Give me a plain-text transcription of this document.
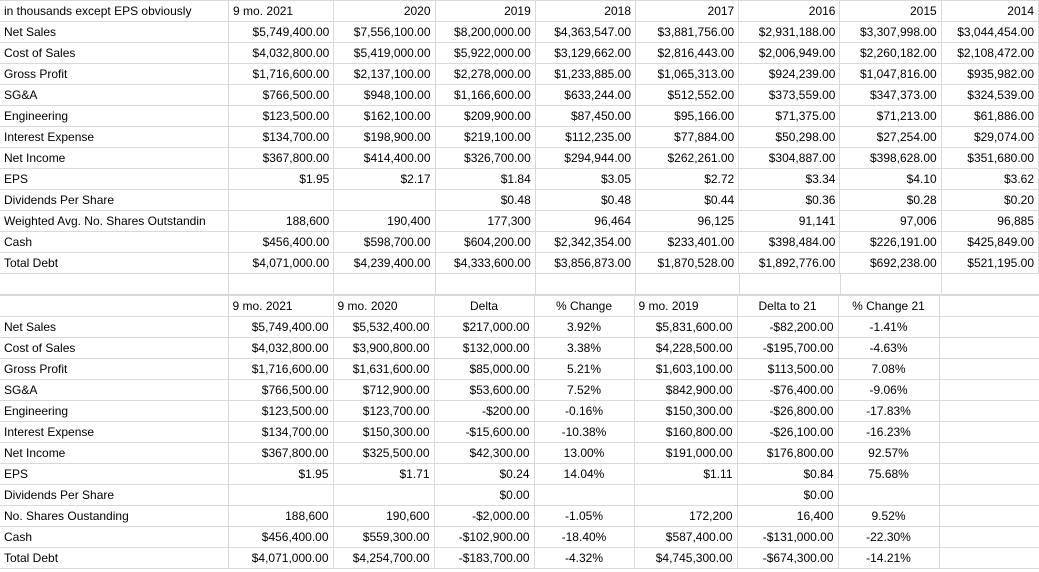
in thousands except EPS obviously	9 mo. 2021	2020	2019	2018	2017	2016	2015	2014
Net Sales	$5,749,400.00	$7,556,100.00	$8,200,000.00	$4,363,547.00	$3,881,756.00	$2,931,188.00	$3,307,998.00	$3,044,454.00
Cost of Sales	$4,032,800.00	$5,419,000.00	$5,922,000.00	$3,129,662.00	$2,816,443.00	$2,006,949.00	$2,260,182.00	$2,108,472.00
Gross Profit	$1,716,600.00	$2,137,100.00	$2,278,000.00	$1,233,885.00	$1,065,313.00	$924,239.00	$1,047,816.00	$935,982.00
SG&A	$766,500.00	$948,100.00	$1,166,600.00	$633,244.00	$512,552.00	$373,559.00	$347,373.00	$324,539.00
Engineering	$123,500.00	$162,100.00	$209,900.00	$87,450.00	$95,166.00	$71,375.00	$71,213.00	$61,886.00
Interest Expense	$134,700.00	$198,900.00	$219,100.00	$112,235.00	$77,884.00	$50,298.00	$27,254.00	$29,074.00
Net Income	$367,800.00	$414,400.00	$326,700.00	$294,944.00	$262,261.00	$304,887.00	$398,628.00	$351,680.00
EPS	$1.95	$2.17	$1.84	$3.05	$2.72	$3.34	$4.10	$3.62
Dividends Per Share			$0.48	$0.48	$0.44	$0.36	$0.28	$0.20
Weighted Avg. No. Shares Outstandin	188,600	190,400	177,300	96,464	96,125	91,141	97,006	96,885
Cash	$456,400.00	$598,700.00	$604,200.00	$2,342,354.00	$233,401.00	$398,484.00	$226,191.00	$425,849.00
Total Debt	$4,071,000.00	$4,239,400.00	$4,333,600.00	$3,856,873.00	$1,870,528.00	$1,892,776.00	$692,238.00	$521,195.00

	9 mo. 2021	9 mo. 2020	Delta	% Change	9 mo. 2019	Delta to 21	% Change 21	
Net Sales	$5,749,400.00	$5,532,400.00	$217,000.00	3.92%	$5,831,600.00	-$82,200.00	-1.41%	
Cost of Sales	$4,032,800.00	$3,900,800.00	$132,000.00	3.38%	$4,228,500.00	-$195,700.00	-4.63%	
Gross Profit	$1,716,600.00	$1,631,600.00	$85,000.00	5.21%	$1,603,100.00	$113,500.00	7.08%	
SG&A	$766,500.00	$712,900.00	$53,600.00	7.52%	$842,900.00	-$76,400.00	-9.06%	
Engineering	$123,500.00	$123,700.00	-$200.00	-0.16%	$150,300.00	-$26,800.00	-17.83%	
Interest Expense	$134,700.00	$150,300.00	-$15,600.00	-10.38%	$160,800.00	-$26,100.00	-16.23%	
Net Income	$367,800.00	$325,500.00	$42,300.00	13.00%	$191,000.00	$176,800.00	92.57%	
EPS	$1.95	$1.71	$0.24	14.04%	$1.11	$0.84	75.68%	
Dividends Per Share			$0.00			$0.00		
No. Shares Oustanding	188,600	190,600	-$2,000.00	-1.05%	172,200	16,400	9.52%	
Cash	$456,400.00	$559,300.00	-$102,900.00	-18.40%	$587,400.00	-$131,000.00	-22.30%	
Total Debt	$4,071,000.00	$4,254,700.00	-$183,700.00	-4.32%	$4,745,300.00	-$674,300.00	-14.21%	
